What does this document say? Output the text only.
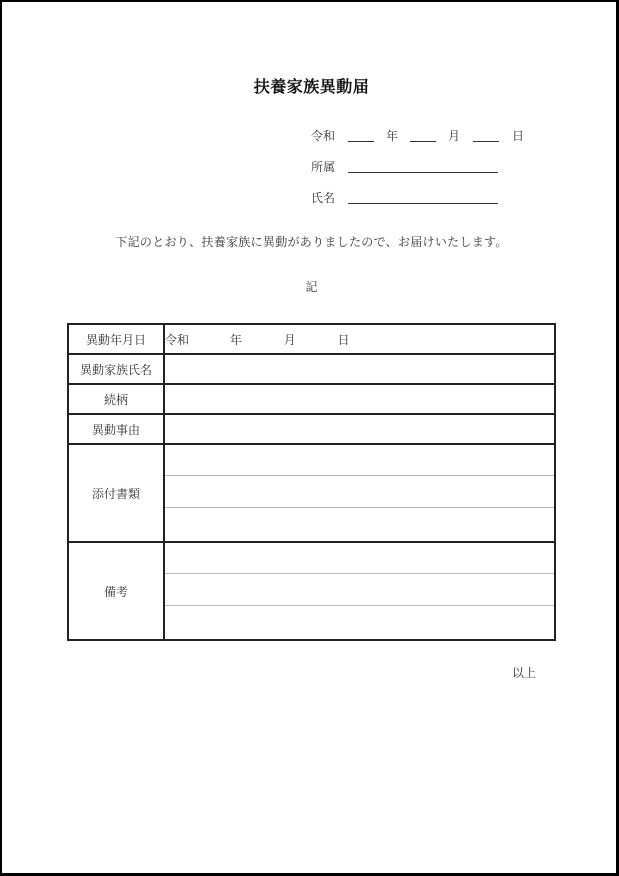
扶養家族異動届
令和	年	月	日
所属
氏名
下記のとおり、扶養家族に異動がありましたので、お届けいたします。
記
異動年月日	令和 年 月 日
異動家族氏名	
続柄	
異動事由	
添付書類	

備考	
以上
